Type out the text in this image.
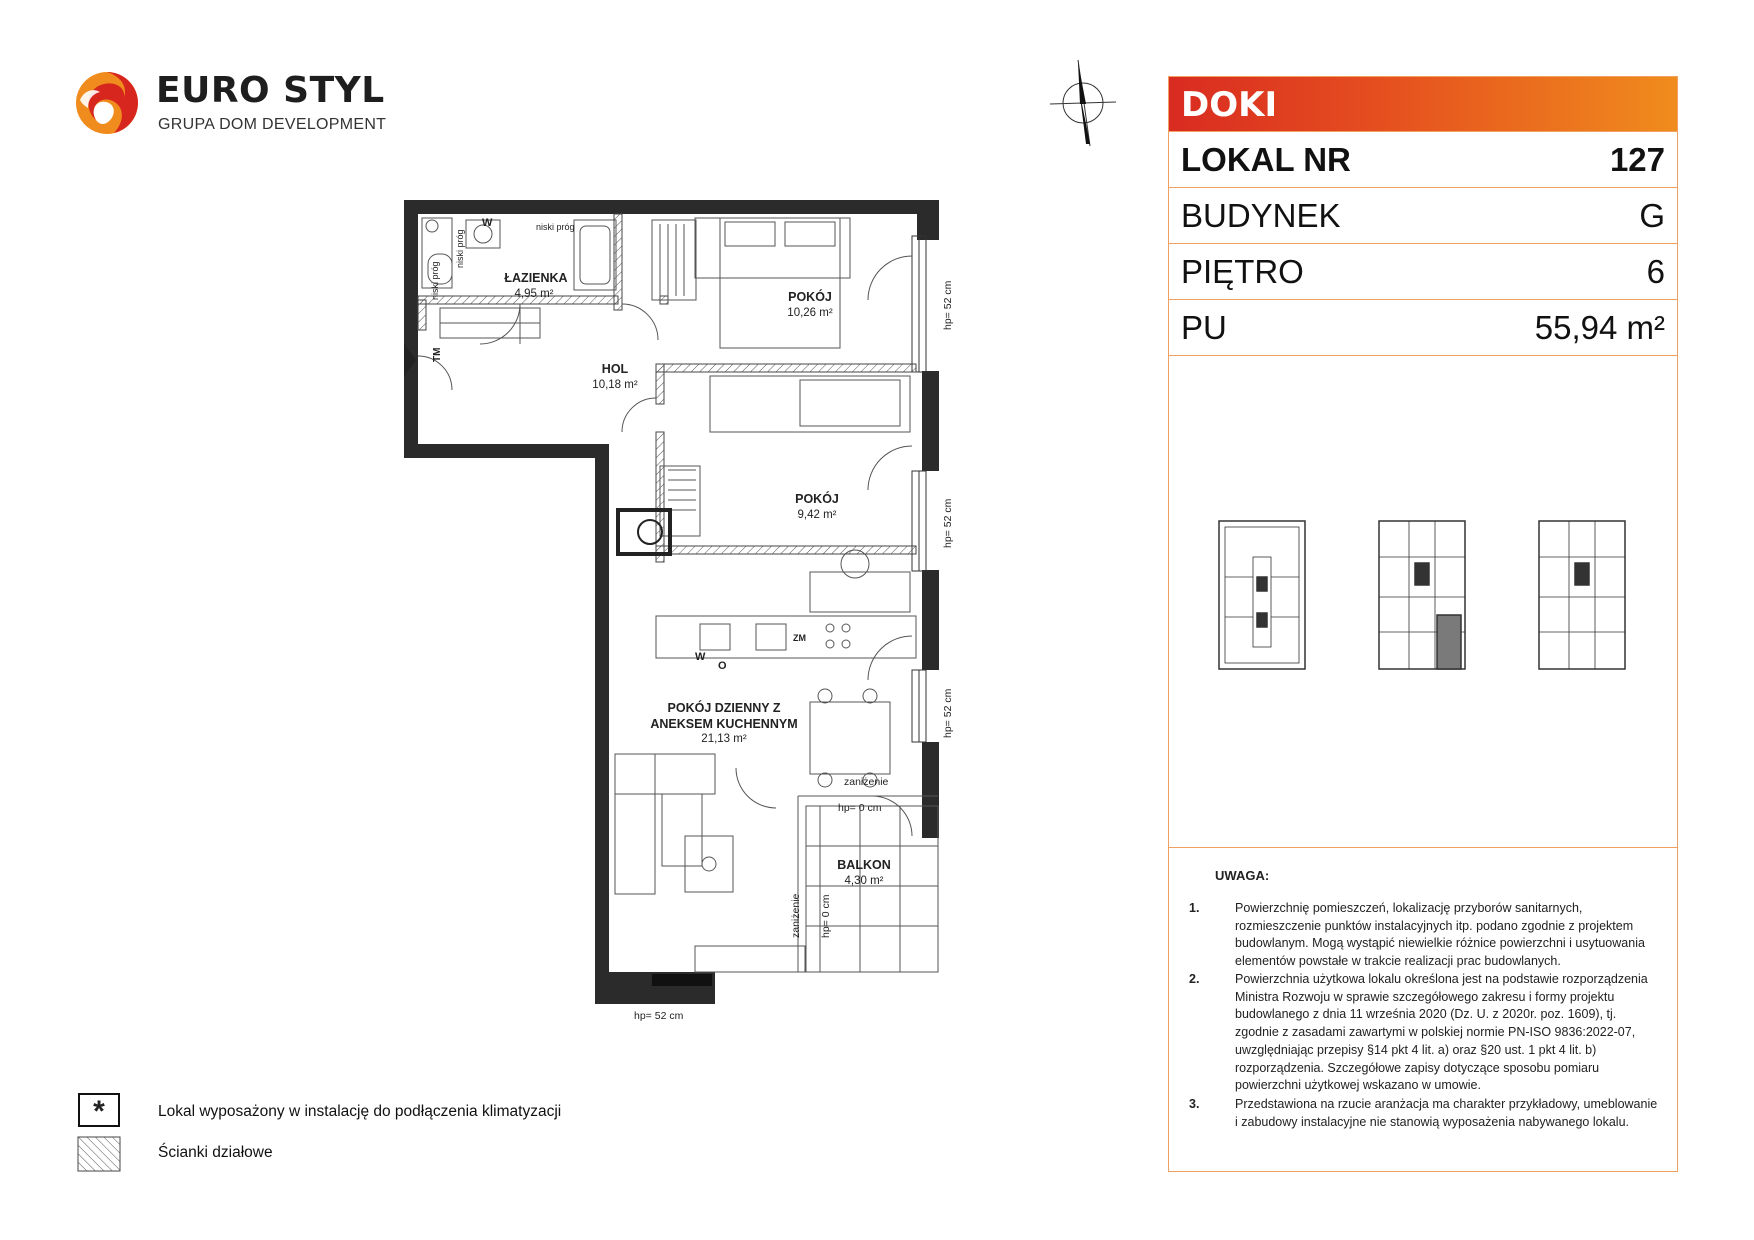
EURO STYL
GRUPA DOM DEVELOPMENT
ŁAZIENKA
4,95 m²	POKÓJ
10,26 m²
HOL
10,18 m²
POKÓJ
9,42 m²
POKÓJ DZIENNY Z
ANEKSEM KUCHENNYM
21,13 m²
BALKON
4,30 m²
hp= 52 cm
hp= 52 cm
hp= 52 cm
hp= 52 cm
hp= 0 cm
hp= 0 cm
zaniżenie
zaniżenie
niski próg
niski próg
niski próg
ZM
W
W
O
TM
DOKI
LOKAL NR	127
BUDYNEK	G
PIĘTRO	6
PU	55,94 m²
UWAGA:
1.	Powierzchnię pomieszczeń, lokalizację przyborów sanitarnych, rozmieszczenie punktów instalacyjnych itp. podano zgodnie z projektem budowlanym. Mogą wystąpić niewielkie różnice powierzchni i usytuowania elementów powstałe w trakcie realizacji prac budowlanych.
2.	Powierzchnia użytkowa lokalu określona jest na podstawie rozporządzenia Ministra Rozwoju w sprawie szczegółowego zakresu i formy projektu budowlanego z dnia 11 września 2020 (Dz. U. z 2020r. poz. 1609), tj. zgodnie z zasadami zawartymi w polskiej normie PN-ISO 9836:2022-07, uwzględniając przepisy §14 pkt 4 lit. a) oraz §20 ust. 1 pkt 4 lit. b) rozporządzenia. Szczegółowe zapisy dotyczące sposobu pomiaru powierzchni użytkowej wskazano w umowie.
3.	Przedstawiona na rzucie aranżacja ma charakter przykładowy, umeblowanie i zabudowy instalacyjne nie stanowią wyposażenia nabywanego lokalu.
*	Lokal wyposażony w instalację do podłączenia klimatyzacji
Ścianki działowe
